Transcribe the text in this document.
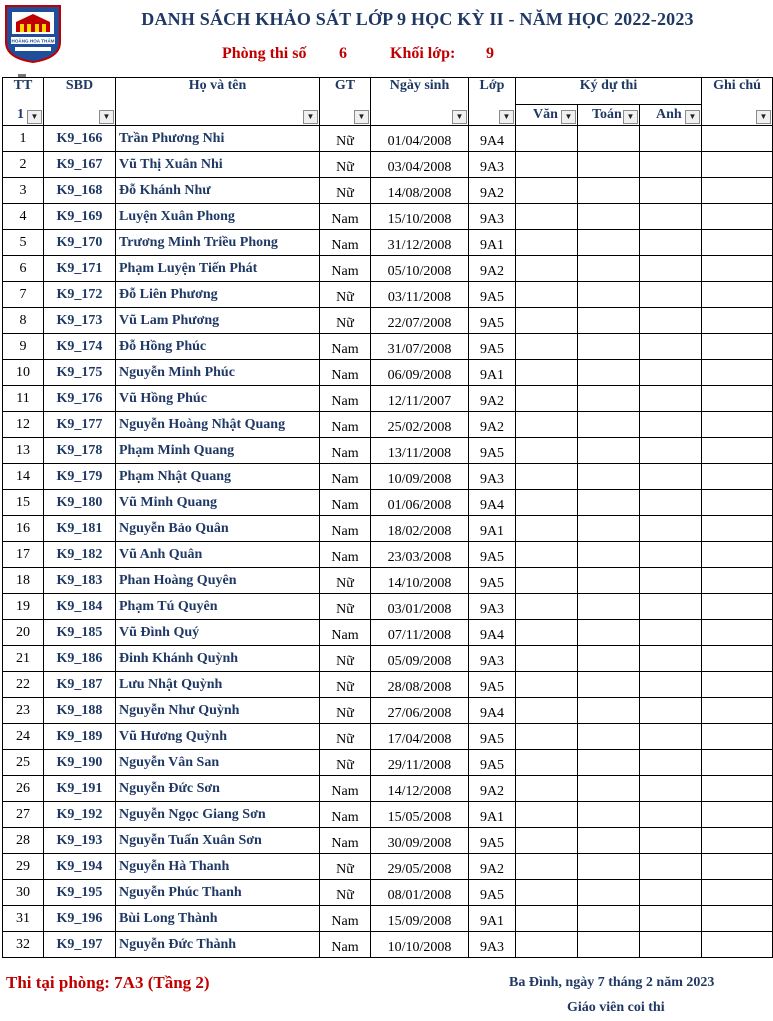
HOÀNG HOA THÁM
DANH SÁCH KHẢO SÁT LỚP 9 HỌC KỲ II - NĂM HỌC 2022-2023
Phòng thi số 6	Khối lớp: 9
TT	SBD	Họ và tên	GT	Ngày sinh	Lớp	Ký dự thi			Ghi chú

1 ▼	▼	▼	▼	▼	▼	Văn ▼	Toán ▼	Anh ▼	▼

1	K9_166	Trần Phương Nhi	Nữ	01/04/2008	9A4				
2	K9_167	Vũ Thị Xuân Nhi	Nữ	03/04/2008	9A3				
3	K9_168	Đỗ Khánh Như	Nữ	14/08/2008	9A2				
4	K9_169	Luyện Xuân Phong	Nam	15/10/2008	9A3				
5	K9_170	Trương Minh Triều Phong	Nam	31/12/2008	9A1				
6	K9_171	Phạm Luyện Tiến Phát	Nam	05/10/2008	9A2				
7	K9_172	Đỗ Liên Phương	Nữ	03/11/2008	9A5				
8	K9_173	Vũ Lam Phương	Nữ	22/07/2008	9A5				
9	K9_174	Đỗ Hồng Phúc	Nam	31/07/2008	9A5				
10	K9_175	Nguyễn Minh Phúc	Nam	06/09/2008	9A1				
11	K9_176	Vũ Hồng Phúc	Nam	12/11/2007	9A2				
12	K9_177	Nguyễn Hoàng Nhật Quang	Nam	25/02/2008	9A2				
13	K9_178	Phạm Minh Quang	Nam	13/11/2008	9A5				
14	K9_179	Phạm Nhật Quang	Nam	10/09/2008	9A3				
15	K9_180	Vũ Minh Quang	Nam	01/06/2008	9A4				
16	K9_181	Nguyễn Bảo Quân	Nam	18/02/2008	9A1				
17	K9_182	Vũ Anh Quân	Nam	23/03/2008	9A5				
18	K9_183	Phan Hoàng Quyên	Nữ	14/10/2008	9A5				
19	K9_184	Phạm Tú Quyên	Nữ	03/01/2008	9A3				
20	K9_185	Vũ Đình Quý	Nam	07/11/2008	9A4				
21	K9_186	Đinh Khánh Quỳnh	Nữ	05/09/2008	9A3				
22	K9_187	Lưu Nhật Quỳnh	Nữ	28/08/2008	9A5				
23	K9_188	Nguyễn Như Quỳnh	Nữ	27/06/2008	9A4				
24	K9_189	Vũ Hương Quỳnh	Nữ	17/04/2008	9A5				
25	K9_190	Nguyễn Vân San	Nữ	29/11/2008	9A5				
26	K9_191	Nguyễn Đức Sơn	Nam	14/12/2008	9A2				
27	K9_192	Nguyễn Ngọc Giang Sơn	Nam	15/05/2008	9A1				
28	K9_193	Nguyễn Tuấn Xuân Sơn	Nam	30/09/2008	9A5				
29	K9_194	Nguyễn Hà Thanh	Nữ	29/05/2008	9A2				
30	K9_195	Nguyễn Phúc Thanh	Nữ	08/01/2008	9A5				
31	K9_196	Bùi Long Thành	Nam	15/09/2008	9A1				
32	K9_197	Nguyễn Đức Thành	Nam	10/10/2008	9A3				
Thi tại phòng: 7A3 (Tầng 2)	Ba Đình, ngày 7 tháng 2 năm 2023
Giáo viên coi thi
